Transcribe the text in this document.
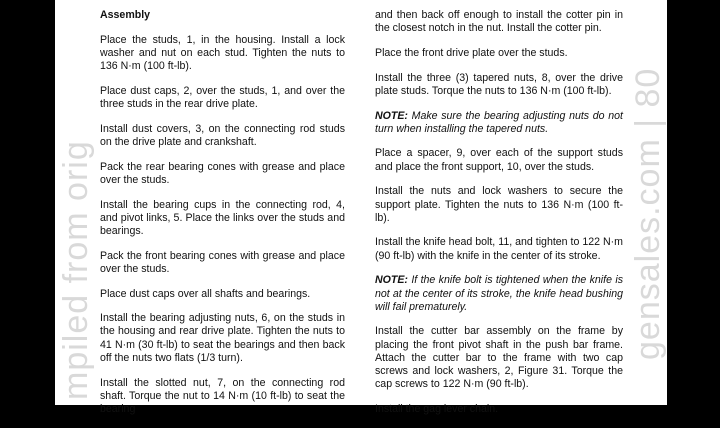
mpiled from orig	gensales.com | 80

Assembly

Place the studs, 1, in the housing. Install a lock washer and nut on each stud. Tighten the nuts to 136 N·m (100 ft-lb).

Place dust caps, 2, over the studs, 1, and over the three studs in the rear drive plate.

Install dust covers, 3, on the connecting rod studs on the drive plate and crankshaft.

Pack the rear bearing cones with grease and place over the studs.

Install the bearing cups in the connecting rod, 4, and pivot links, 5. Place the links over the studs and bearings.

Pack the front bearing cones with grease and place over the studs.

Place dust caps over all shafts and bearings.

Install the bearing adjusting nuts, 6, on the studs in the housing and rear drive plate. Tighten the nuts to 41 N·m (30 ft-lb) to seat the bearings and then back off the nuts two flats (1/3 turn).

Install the slotted nut, 7, on the connecting rod shaft. Torque the nut to 14 N·m (10 ft-lb) to seat the bearing

and then back off enough to install the cotter pin in the closest notch in the nut. Install the cotter pin.

Place the front drive plate over the studs.

Install the three (3) tapered nuts, 8, over the drive plate studs. Torque the nuts to 136 N·m (100 ft-lb).

NOTE: Make sure the bearing adjusting nuts do not turn when installing the tapered nuts.

Place a spacer, 9, over each of the support studs and place the front support, 10, over the studs.

Install the nuts and lock washers to secure the support plate. Tighten the nuts to 136 N·m (100 ft-lb).

Install the knife head bolt, 11, and tighten to 122 N·m (90 ft-lb) with the knife in the center of its stroke.

NOTE: If the knife bolt is tightened when the knife is not at the center of its stroke, the knife head bushing will fail prematurely.

Install the cutter bar assembly on the frame by placing the front pivot shaft in the push bar frame. Attach the cutter bar to the frame with two cap screws and lock washers, 2, Figure 31. Torque the cap screws to 122 N·m (90 ft-lb).

Install the gag lever chain.
